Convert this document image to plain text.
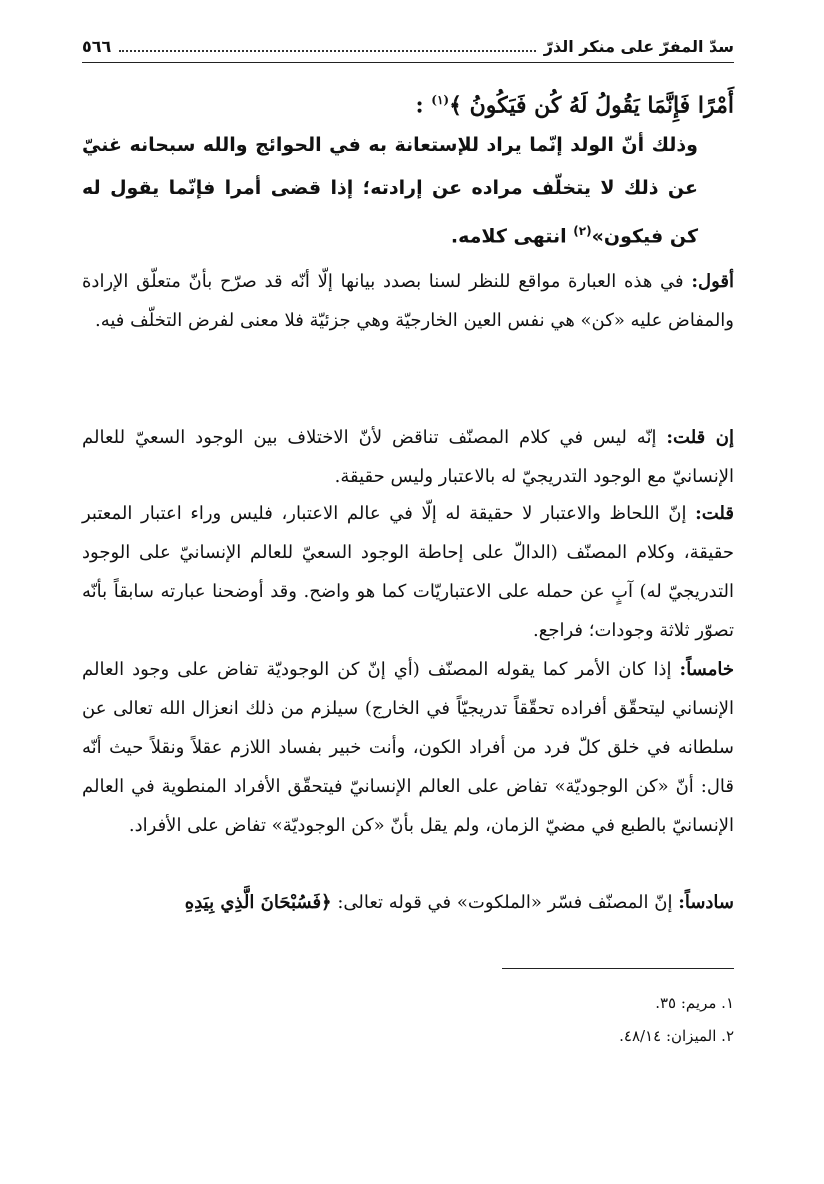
سدّ المفرّ على منكر الذرّ
٥٦٦

أَمْرًا فَإِنَّمَا يَقُولُ لَهُ كُن فَيَكُونُ ﴾$^{(١)}$ :

وذلك أنّ الولد إنّما يراد للإستعانة به في الحوائج والله سبحانه غنيّ عن ذلك لا يتخلّف مراده عن إرادته؛ إذا قضى أمرا فإنّما يقول له كن فيكون»$^{(٢)}$ انتهى كلامه.

أقول: في هذه العبارة مواقع للنظر لسنا بصدد بيانها إلّا أنّه قد صرّح بأنّ متعلّق الإرادة والمفاض عليه «كن» هي نفس العين الخارجيّة وهي جزئيّة فلا معنى لفرض التخلّف فيه.

إن قلت: إنّه ليس في كلام المصنّف تناقض لأنّ الاختلاف بين الوجود السعيّ للعالم الإنسانيّ مع الوجود التدريجيّ له بالاعتبار وليس حقيقة.

قلت: إنّ اللحاظ والاعتبار لا حقيقة له إلّا في عالم الاعتبار، فليس وراء اعتبار المعتبر حقيقة، وكلام المصنّف (الدالّ على إحاطة الوجود السعيّ للعالم الإنسانيّ على الوجود التدريجيّ له) آبٍ عن حمله على الاعتباريّات كما هو واضح. وقد أوضحنا عبارته سابقاً بأنّه تصوّر ثلاثة وجودات؛ فراجع.

خامساً: إذا كان الأمر كما يقوله المصنّف (أي إنّ كن الوجوديّة تفاض على وجود العالم الإنساني ليتحقّق أفراده تحقّقاً تدريجيّاً في الخارج) سيلزم من ذلك انعزال الله تعالى عن سلطانه في خلق كلّ فرد من أفراد الكون، وأنت خبير بفساد اللازم عقلاً ونقلاً حيث أنّه قال: أنّ «كن الوجوديّة» تفاض على العالم الإنسانيّ فيتحقّق الأفراد المنطوية في العالم الإنسانيّ بالطبع في مضيّ الزمان، ولم يقل بأنّ «كن الوجوديّة» تفاض على الأفراد.

سادساً: إنّ المصنّف فسّر «الملكوت» في قوله تعالى: ﴿فَسُبْحَانَ الَّذِي بِيَدِهِ

١. مريم: ٣٥.
٢. الميزان: ٤٨/١٤.
